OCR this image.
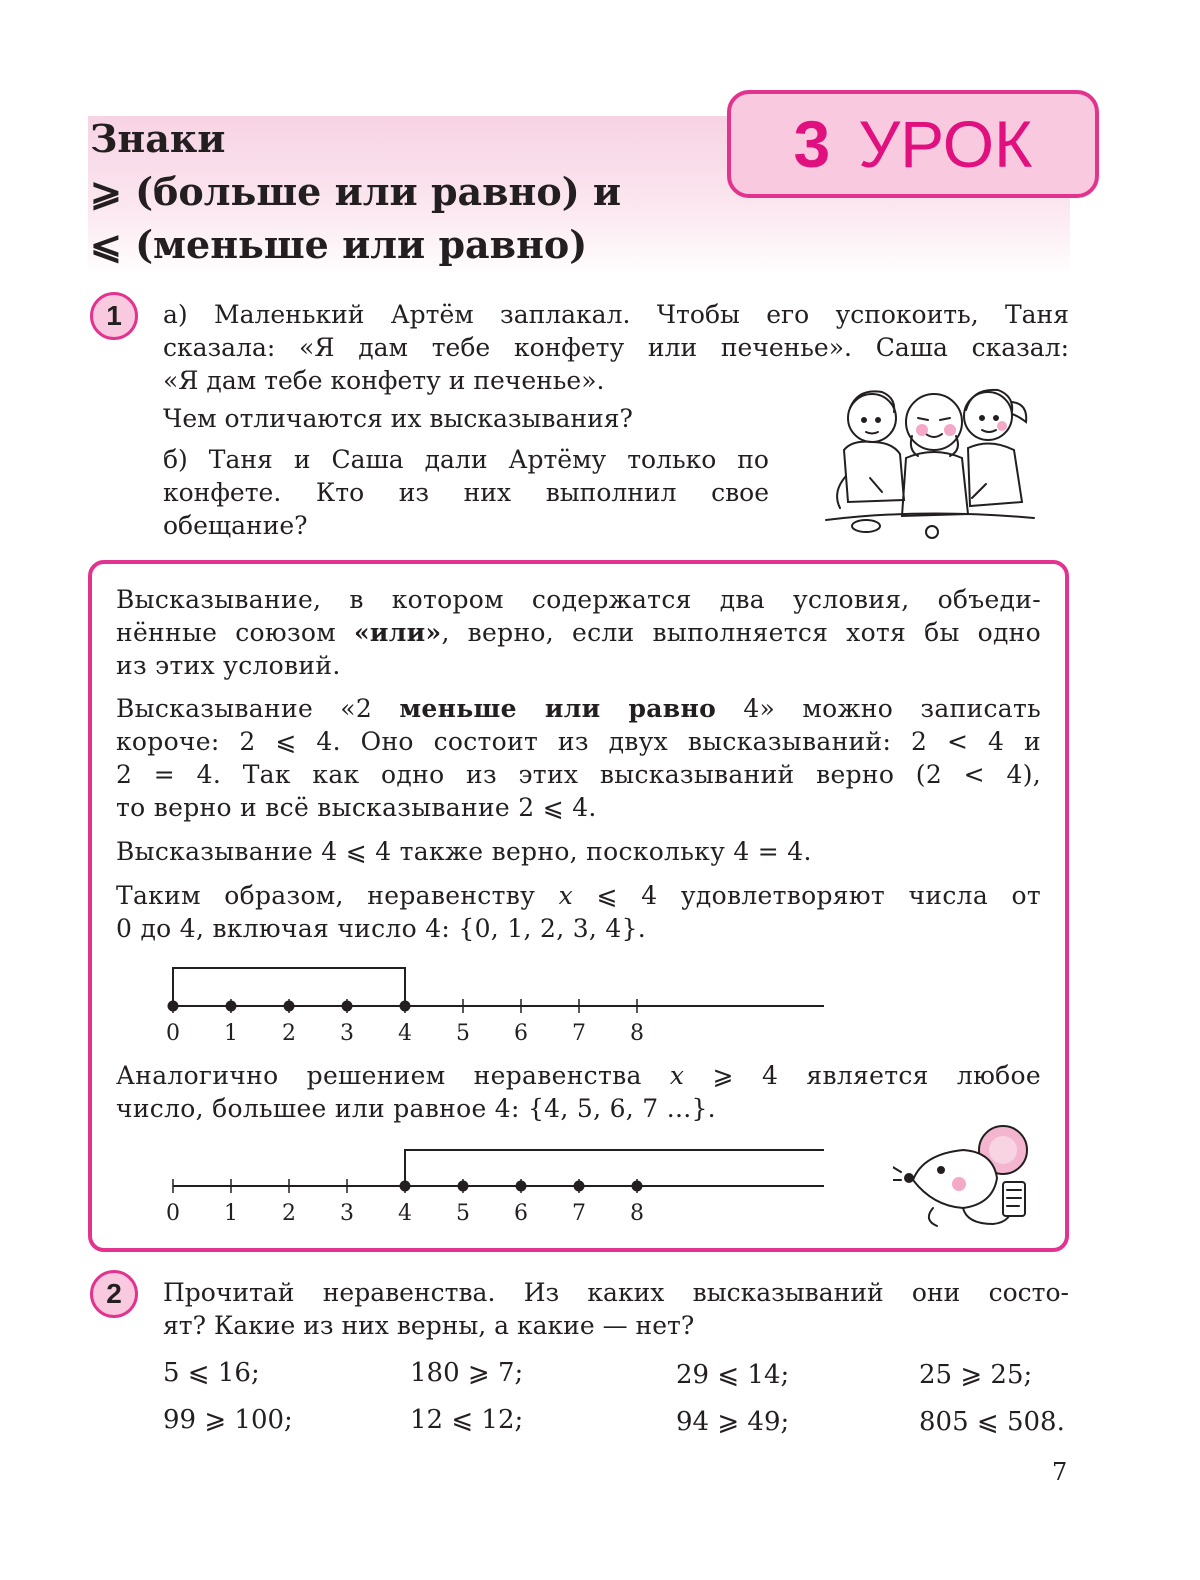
Знаки
⩾ (больше или равно) и
⩽ (меньше или равно)
3 УРОК
1	а) Маленький Артём заплакал. Чтобы его успокоить, Таня
сказала: «Я дам тебе конфету или печенье». Саша сказал:
«Я дам тебе конфету и печенье».
Чем отличаются их высказывания?
б) Таня и Саша дали Артёму только по
конфете. Кто из них выполнил свое
обещание?
Высказывание, в котором содержатся два условия, объеди-
нённые союзом «или», верно, если выполняется хотя бы одно
из этих условий.
Высказывание «2 меньше или равно 4» можно записать
короче: 2 ⩽ 4. Оно состоит из двух высказываний: 2 < 4 и
2 = 4. Так как одно из этих высказываний верно (2 < 4),
то верно и всё высказывание 2 ⩽ 4.
Высказывание 4 ⩽ 4 также верно, поскольку 4 = 4.
Таким образом, неравенству x ⩽ 4 удовлетворяют числа от
0 до 4, включая число 4: {0, 1, 2, 3, 4}.
0 1 2 3 4 5 6 7 8
Аналогично решением неравенства x ⩾ 4 является любое
число, большее или равное 4: {4, 5, 6, 7 ...}.
0 1 2 3 4 5 6 7 8
2	Прочитай неравенства. Из каких высказываний они состо-
ят? Какие из них верны, а какие — нет?
5 ⩽ 16;	180 ⩾ 7;	29 ⩽ 14;	25 ⩾ 25;
99 ⩾ 100;	12 ⩽ 12;	94 ⩾ 49;	805 ⩽ 508.
7
